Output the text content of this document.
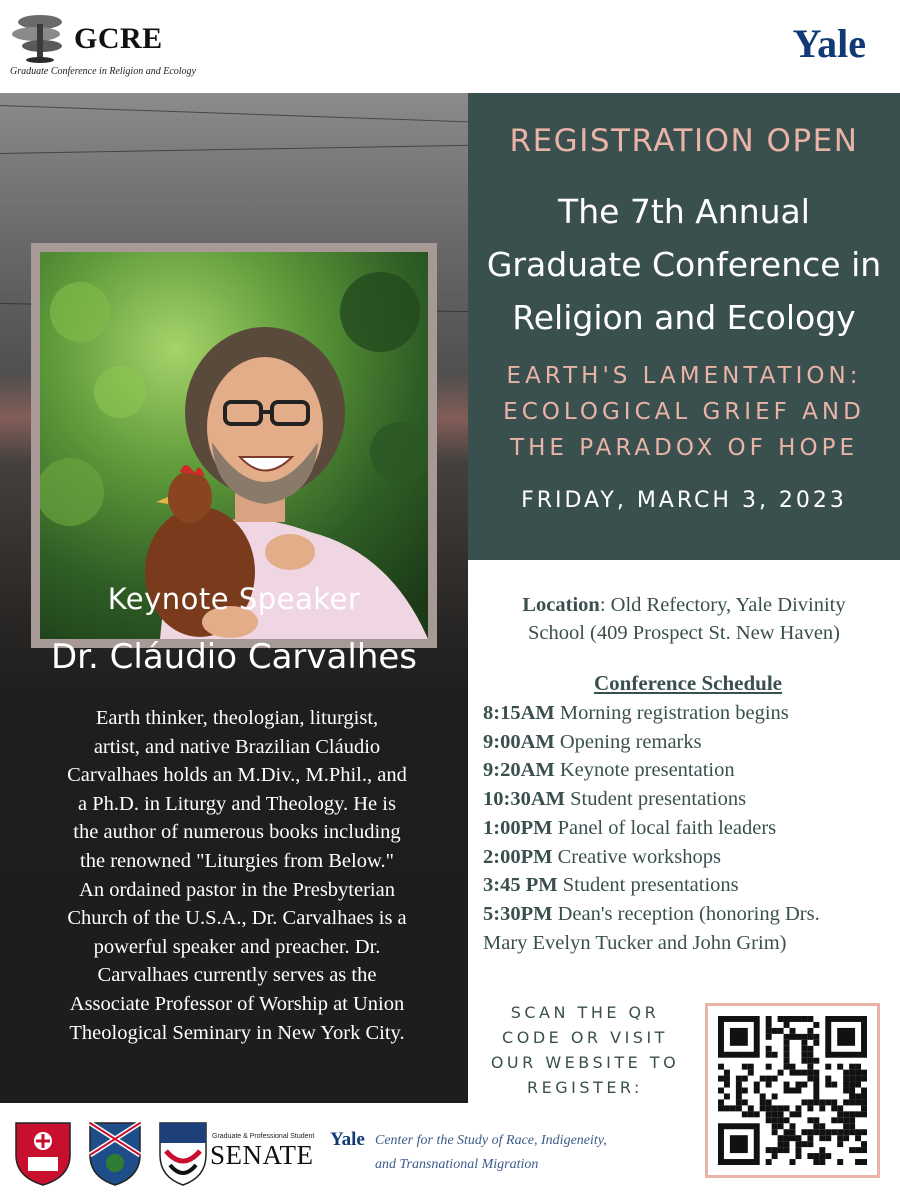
GCRE
Graduate Conference in Religion and Ecology
Yale
Keynote Speaker
Dr. Cláudio Carvalhes
Earth thinker, theologian, liturgist,
artist, and native Brazilian Cláudio
Carvalhaes holds an M.Div., M.Phil., and
a Ph.D. in Liturgy and Theology. He is
the author of numerous books including
the renowned "Liturgies from Below."
An ordained pastor in the Presbyterian
Church of the U.S.A., Dr. Carvalhaes is a
powerful speaker and preacher. Dr.
Carvalhaes currently serves as the
Associate Professor of Worship at Union
Theological Seminary in New York City.
REGISTRATION OPEN
The 7th Annual
Graduate Conference in
Religion and Ecology
EARTH'S LAMENTATION:
ECOLOGICAL GRIEF AND
THE PARADOX OF HOPE
FRIDAY, MARCH 3, 2023
Location: Old Refectory, Yale Divinity
School (409 Prospect St. New Haven)
Conference Schedule
8:15AM Morning registration begins
9:00AM Opening remarks
9:20AM Keynote presentation
10:30AM Student presentations
1:00PM Panel of local faith leaders
2:00PM Creative workshops
3:45 PM Student presentations
5:30PM Dean's reception (honoring Drs.
Mary Evelyn Tucker and John Grim)
SCAN THE QR
CODE OR VISIT
OUR WEBSITE TO
REGISTER:
Graduate & Professional Student
SENATE
Yale Center for the Study of Race, Indigeneity,
and Transnational Migration
